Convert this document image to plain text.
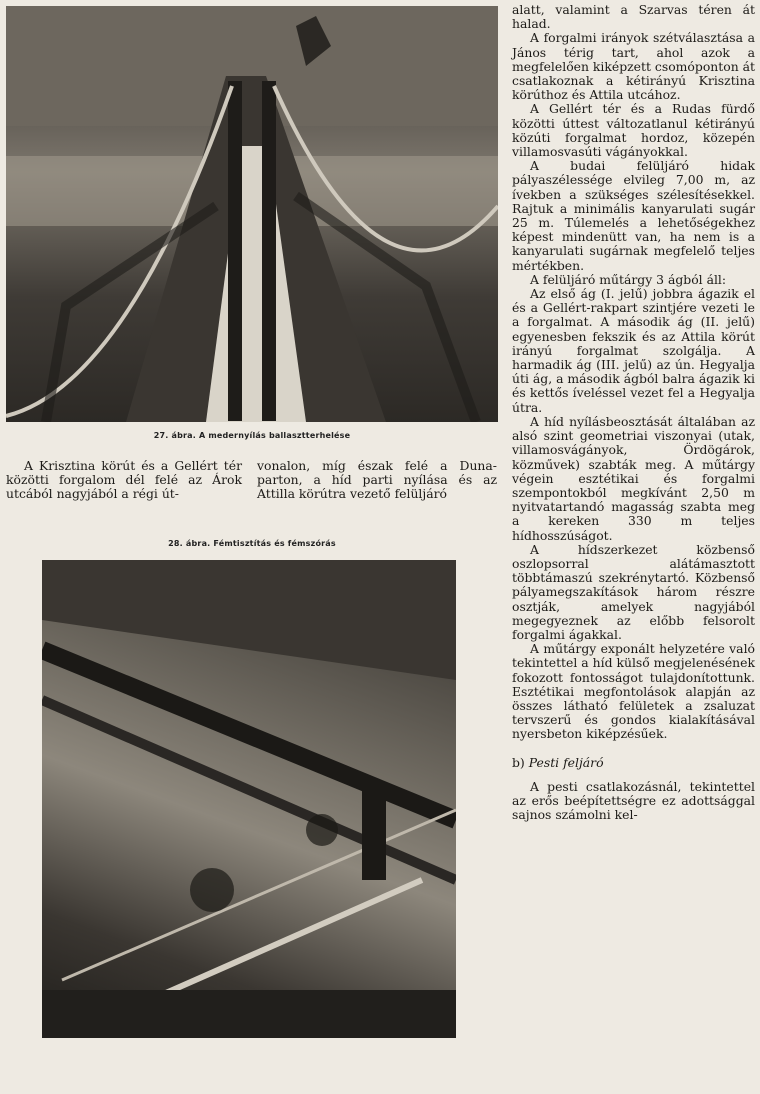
27. ábra. A medernyílás ballasztterhelése

A Krisztina körút és a Gellért tér közötti forgalom dél felé az Árok utcából nagyjából a régi út-

vonalon, míg észak felé a Duna-parton, a híd parti nyílása és az Attilla körútra vezető felüljáró

28. ábra. Fémtisztítás és fémszórás

alatt, valamint a Szarvas téren át halad.

A forgalmi irányok szétválasztása a János térig tart, ahol azok a megfelelően kiképzett csomóponton át csatlakoznak a kétirányú Krisztina körúthoz és Attila utcához.

A Gellért tér és a Rudas fürdő közötti úttest változatlanul kétirányú közúti forgalmat hordoz, közepén villamosvasúti vágányokkal.

A budai felüljáró hidak pályaszélessége elvileg 7,00 m, az ívekben a szükséges szélesítésekkel. Rajtuk a minimális kanyarulati sugár 25 m. Túlemelés a lehetőségekhez képest mindenütt van, ha nem is a kanyarulati sugárnak megfelelő teljes mértékben.

A felüljáró műtárgy 3 ágból áll:

Az első ág (I. jelű) jobbra ágazik el és a Gellért-rakpart szintjére vezeti le a forgalmat. A második ág (II. jelű) egyenesben fekszik és az Attila körút irányú forgalmat szolgálja. A harmadik ág (III. jelű) az ún. Hegyalja úti ág, a második ágból balra ágazik ki és kettős íveléssel vezet fel a Hegyalja útra.

A híd nyílásbeosztását általában az alsó szint geometriai viszonyai (utak, villamosvágányok, Ördögárok, közművek) szabták meg. A műtárgy végein esztétikai és forgalmi szempontokból megkívánt 2,50 m nyitvatartandó magasság szabta meg a kereken 330 m teljes hídhosszúságot.

A hídszerkezet közbenső oszlopsorral alátámasztott többtámaszú szekrénytartó. Közbenső pályamegszakítások három részre osztják, amelyek nagyjából megegyeznek az előbb felsorolt forgalmi ágakkal.

A műtárgy exponált helyzetére való tekintettel a híd külső megjelenésének fokozott fontosságot tulajdonítottunk. Esztétikai megfontolások alapján az összes látható felületek a zsaluzat tervszerű és gondos kialakításával nyersbeton kiképzésűek.

b) Pesti feljáró

A pesti csatlakozásnál, tekintettel az erős beépítettségre ez adottsággal sajnos számolni kel-
